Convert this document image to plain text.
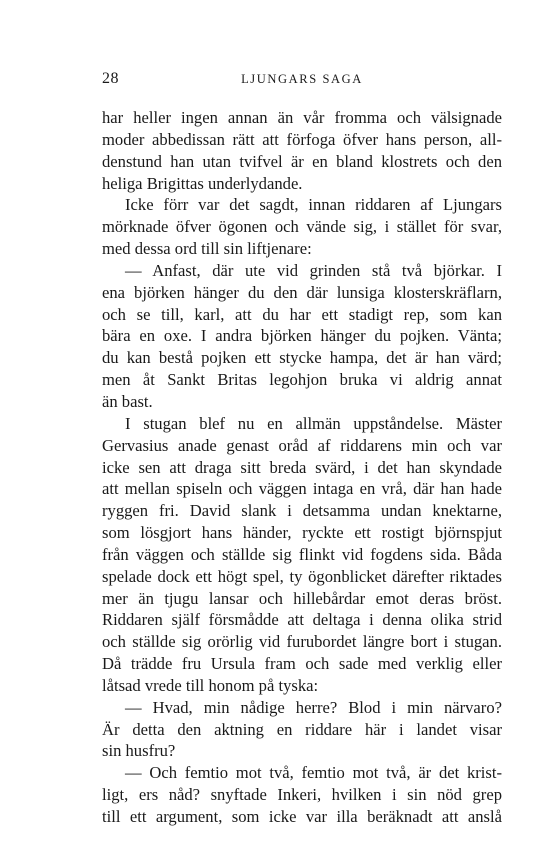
28	LJUNGARS SAGA
har heller ingen annan än vår fromma och välsignade
moder abbedissan rätt att förfoga öfver hans person, all-
denstund han utan tvifvel är en bland klostrets och den
heliga Brigittas underlydande.
Icke förr var det sagdt, innan riddaren af Ljungars
mörknade öfver ögonen och vände sig, i stället för svar,
med dessa ord till sin liftjenare:
— Anfast, där ute vid grinden stå två björkar. I
ena björken hänger du den där lunsiga klosterskräflarn,
och se till, karl, att du har ett stadigt rep, som kan
bära en oxe. I andra björken hänger du pojken. Vänta;
du kan bestå pojken ett stycke hampa, det är han värd;
men åt Sankt Britas legohjon bruka vi aldrig annat
än bast.
I stugan blef nu en allmän uppståndelse. Mäster
Gervasius anade genast oråd af riddarens min och var
icke sen att draga sitt breda svärd, i det han skyndade
att mellan spiseln och väggen intaga en vrå, där han hade
ryggen fri. David slank i detsamma undan knektarne,
som lösgjort hans händer, ryckte ett rostigt björnspjut
från väggen och ställde sig flinkt vid fogdens sida. Båda
spelade dock ett högt spel, ty ögonblicket därefter riktades
mer än tjugu lansar och hillebårdar emot deras bröst.
Riddaren själf försmådde att deltaga i denna olika strid
och ställde sig orörlig vid furubordet längre bort i stugan.
Då trädde fru Ursula fram och sade med verklig eller
låtsad vrede till honom på tyska:
— Hvad, min nådige herre? Blod i min närvaro?
Är detta den aktning en riddare här i landet visar
sin husfru?
— Och femtio mot två, femtio mot två, är det krist-
ligt, ers nåd? snyftade Inkeri, hvilken i sin nöd grep
till ett argument, som icke var illa beräknadt att anslå
